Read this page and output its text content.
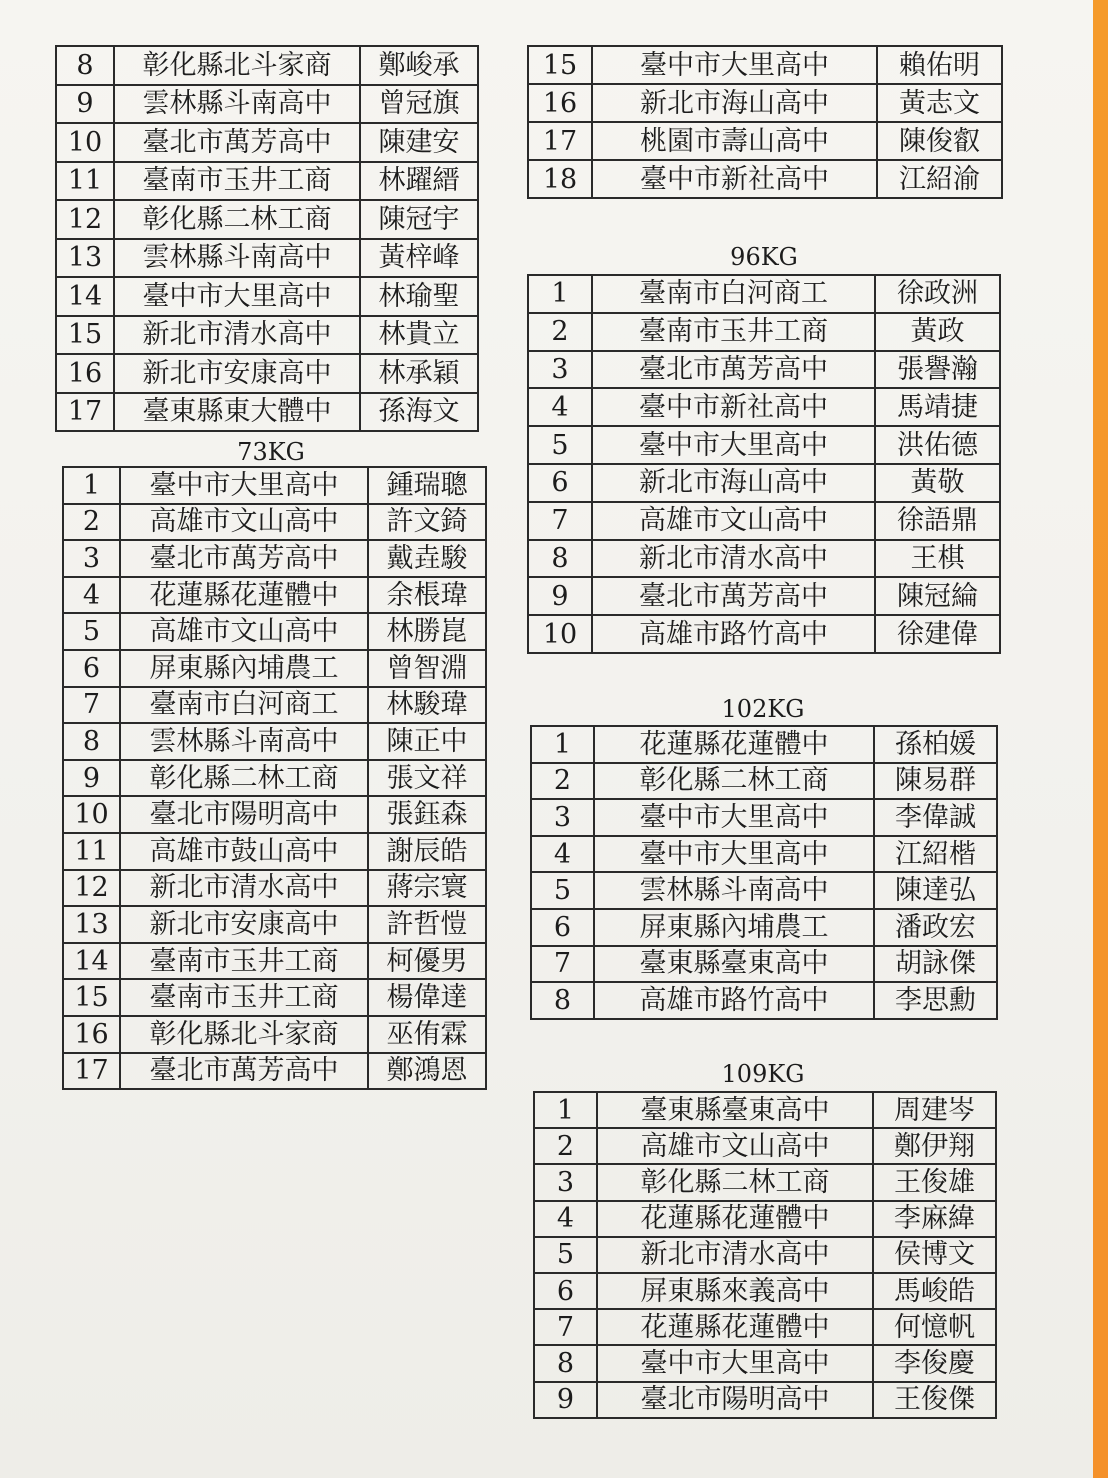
8	彰化縣北斗家商	鄭峻承
9	雲林縣斗南高中	曾冠旗
10	臺北市萬芳高中	陳建安
11	臺南市玉井工商	林躍縉
12	彰化縣二林工商	陳冠宇
13	雲林縣斗南高中	黃梓峰
14	臺中市大里高中	林瑜聖
15	新北市清水高中	林貴立
16	新北市安康高中	林承穎
17	臺東縣東大體中	孫海文
73KG
1	臺中市大里高中	鍾瑞聰
2	高雄市文山高中	許文錡
3	臺北市萬芳高中	戴垚駿
4	花蓮縣花蓮體中	余棖瑋
5	高雄市文山高中	林勝崑
6	屏東縣內埔農工	曾智淵
7	臺南市白河商工	林駿瑋
8	雲林縣斗南高中	陳正中
9	彰化縣二林工商	張文祥
10	臺北市陽明高中	張鈺森
11	高雄市鼓山高中	謝辰皓
12	新北市清水高中	蔣宗寰
13	新北市安康高中	許哲愷
14	臺南市玉井工商	柯優男
15	臺南市玉井工商	楊偉達
16	彰化縣北斗家商	巫侑霖
17	臺北市萬芳高中	鄭鴻恩
15	臺中市大里高中	賴佑明
16	新北市海山高中	黃志文
17	桃園市壽山高中	陳俊叡
18	臺中市新社高中	江紹渝
96KG
1	臺南市白河商工	徐政洲
2	臺南市玉井工商	黃政
3	臺北市萬芳高中	張譽瀚
4	臺中市新社高中	馬靖捷
5	臺中市大里高中	洪佑德
6	新北市海山高中	黃敬
7	高雄市文山高中	徐語鼎
8	新北市清水高中	王棋
9	臺北市萬芳高中	陳冠綸
10	高雄市路竹高中	徐建偉
102KG
1	花蓮縣花蓮體中	孫柏媛
2	彰化縣二林工商	陳易群
3	臺中市大里高中	李偉誠
4	臺中市大里高中	江紹楷
5	雲林縣斗南高中	陳達弘
6	屏東縣內埔農工	潘政宏
7	臺東縣臺東高中	胡詠傑
8	高雄市路竹高中	李思勳
109KG
1	臺東縣臺東高中	周建岑
2	高雄市文山高中	鄭伊翔
3	彰化縣二林工商	王俊雄
4	花蓮縣花蓮體中	李麻緯
5	新北市清水高中	侯博文
6	屏東縣來義高中	馬峻皓
7	花蓮縣花蓮體中	何憶帆
8	臺中市大里高中	李俊慶
9	臺北市陽明高中	王俊傑
